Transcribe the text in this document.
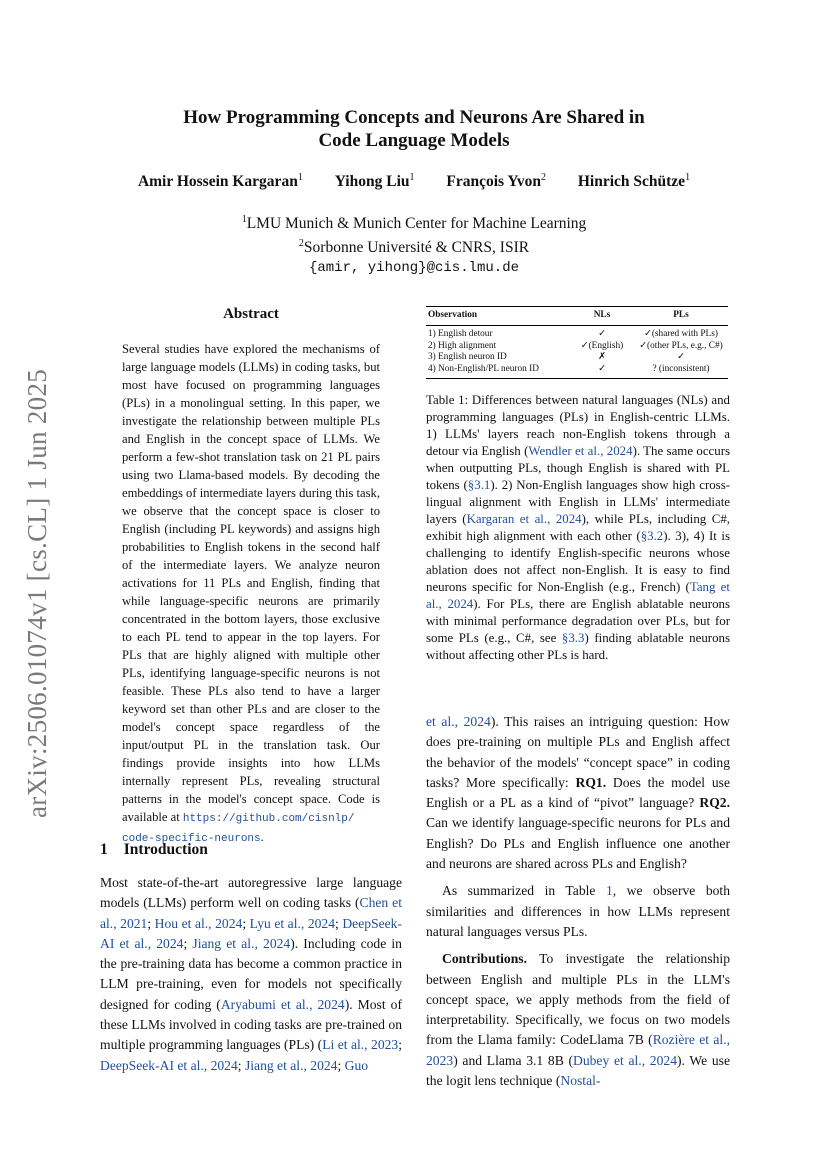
arXiv:2506.01074v1 [cs.CL] 1 Jun 2025
How Programming Concepts and Neurons Are Shared in
Code Language Models
Amir Hossein Kargaran$^1$ Yihong Liu$^1$ François Yvon$^2$ Hinrich Schütze$^1$
$^1$LMU Munich & Munich Center for Machine Learning
$^2$Sorbonne Université & CNRS, ISIR
{amir, yihong}@cis.lmu.de
Abstract
Several studies have explored the mechanisms of large language models (LLMs) in coding tasks, but most have focused on programming languages (PLs) in a monolingual setting. In this paper, we investigate the relationship between multiple PLs and English in the concept space of LLMs. We perform a few-shot translation task on 21 PL pairs using two Llama-based models. By decoding the embeddings of intermediate layers during this task, we observe that the concept space is closer to English (including PL keywords) and assigns high probabilities to English tokens in the second half of the intermediate layers. We analyze neuron activations for 11 PLs and English, finding that while language-specific neurons are primarily concentrated in the bottom layers, those exclusive to each PL tend to appear in the top layers. For PLs that are highly aligned with multiple other PLs, identifying language-specific neurons is not feasible. These PLs also tend to have a larger keyword set than other PLs and are closer to the model's concept space regardless of the input/output PL in the translation task. Our findings provide insights into how LLMs internally represent PLs, revealing structural patterns in the model's concept space. Code is available at https://github.com/cisnlp/
code-specific-neurons.
Observation	NLs	PLs
1) English detour	✓	✓(shared with PLs)
2) High alignment	✓(English)	✓(other PLs, e.g., C#)
3) English neuron ID	✗	✓
4) Non-English/PL neuron ID	✓	? (inconsistent)
Table 1: Differences between natural languages (NLs) and programming languages (PLs) in English-centric LLMs. 1) LLMs' layers reach non-English tokens through a detour via English (Wendler et al., 2024). The same occurs when outputting PLs, though English is shared with PL tokens (§3.1). 2) Non-English languages show high cross-lingual alignment with English in LLMs' intermediate layers (Kargaran et al., 2024), while PLs, including C#, exhibit high alignment with each other (§3.2). 3), 4) It is challenging to identify English-specific neurons whose ablation does not affect non-English. It is easy to find neurons specific for Non-English (e.g., French) (Tang et al., 2024). For PLs, there are English ablatable neurons with minimal performance degradation over PLs, but for some PLs (e.g., C#, see §3.3) finding ablatable neurons without affecting other PLs is hard.
1 Introduction
Most state-of-the-art autoregressive large language models (LLMs) perform well on coding tasks (Chen et al., 2021; Hou et al., 2024; Lyu et al., 2024; DeepSeek-AI et al., 2024; Jiang et al., 2024). Including code in the pre-training data has become a common practice in LLM pre-training, even for models not specifically designed for coding (Aryabumi et al., 2024). Most of these LLMs involved in coding tasks are pre-trained on multiple programming languages (PLs) (Li et al., 2023; DeepSeek-AI et al., 2024; Jiang et al., 2024; Guo

et al., 2024). This raises an intriguing question: How does pre-training on multiple PLs and English affect the behavior of the models' “concept space” in coding tasks? More specifically: RQ1. Does the model use English or a PL as a kind of “pivot” language? RQ2. Can we identify language-specific neurons for PLs and English? Do PLs and English influence one another and neurons are shared across PLs and English?

As summarized in Table 1, we observe both similarities and differences in how LLMs represent natural languages versus PLs.

Contributions. To investigate the relationship between English and multiple PLs in the LLM's concept space, we apply methods from the field of interpretability. Specifically, we focus on two models from the Llama family: CodeLlama 7B (Rozière et al., 2023) and Llama 3.1 8B (Dubey et al., 2024). We use the logit lens technique (Nostal-
